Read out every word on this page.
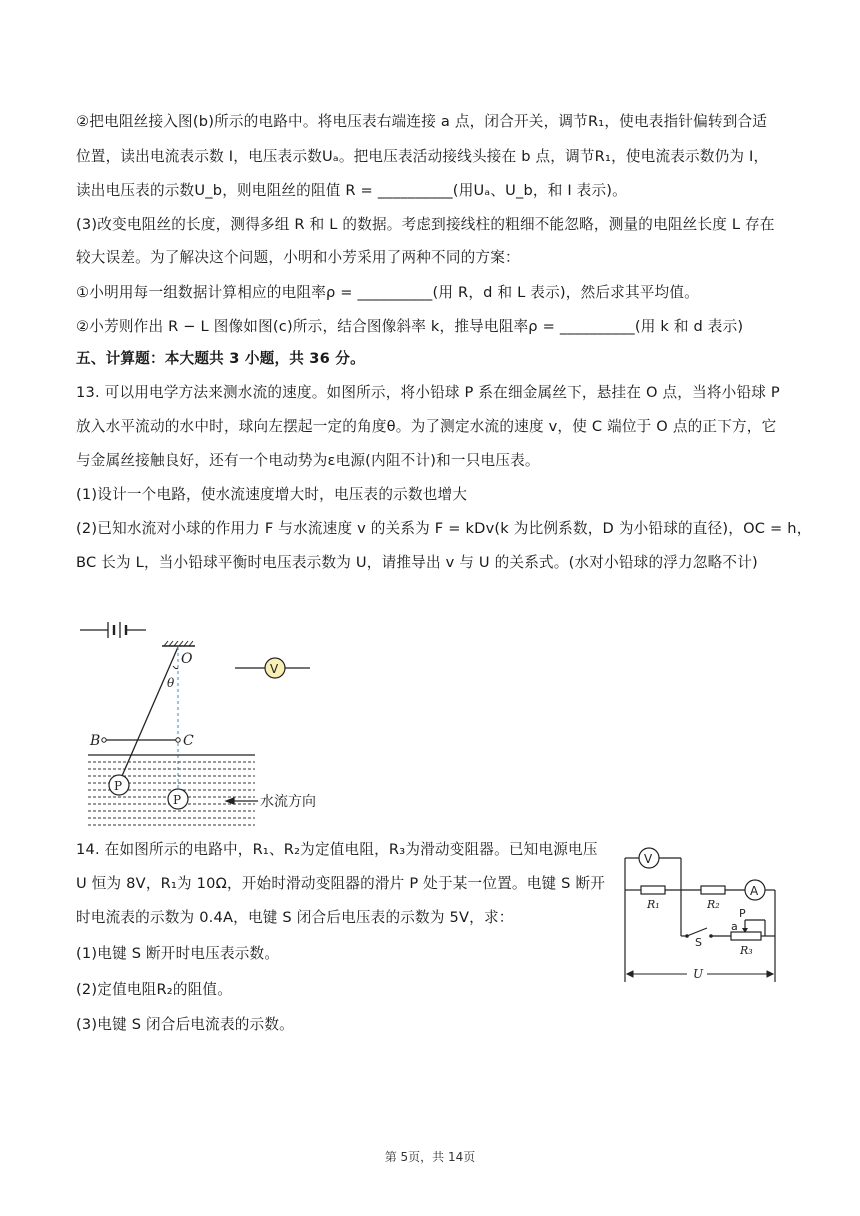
②把电阻丝接入图(b)所示的电路中。将电压表右端连接 a 点，闭合开关，调节R₁，使电表指针偏转到合适
位置，读出电流表示数 I，电压表示数Uₐ。把电压表活动接线头接在 b 点，调节R₁，使电流表示数仍为 I，
读出电压表的示数U_b，则电阻丝的阻值 R = __________(用Uₐ、U_b，和 I 表示)。
(3)改变电阻丝的长度，测得多组 R 和 L 的数据。考虑到接线柱的粗细不能忽略，测量的电阻丝长度 L 存在
较大误差。为了解决这个问题，小明和小芳采用了两种不同的方案：
①小明用每一组数据计算相应的电阻率ρ = __________(用 R，d 和 L 表示)，然后求其平均值。
②小芳则作出 R − L 图像如图(c)所示，结合图像斜率 k，推导电阻率ρ = __________(用 k 和 d 表示)
五、计算题：本大题共 3 小题，共 36 分。
13. 可以用电学方法来测水流的速度。如图所示，将小铅球 P 系在细金属丝下，悬挂在 O 点，当将小铅球 P
放入水平流动的水中时，球向左摆起一定的角度θ。为了测定水流的速度 v，使 C 端位于 O 点的正下方，它
与金属丝接触良好，还有一个电动势为ε电源(内阻不计)和一只电压表。
(1)设计一个电路，使水流速度增大时，电压表的示数也增大
(2)已知水流对小球的作用力 F 与水流速度 v 的关系为 F = kDv(k 为比例系数，D 为小铅球的直径)，OC = h，
BC 长为 L，当小铅球平衡时电压表示数为 U，请推导出 v 与 U 的关系式。(水对小铅球的浮力忽略不计)
14. 在如图所示的电路中，R₁、R₂为定值电阻，R₃为滑动变阻器。已知电源电压
U 恒为 8V，R₁为 10Ω，开始时滑动变阻器的滑片 P 处于某一位置。电键 S 断开
时电流表的示数为 0.4A，电键 S 闭合后电压表的示数为 5V，求：
(1)电键 S 断开时电压表示数。
(2)定值电阻R₂的阻值。
(3)电键 S 闭合后电流表的示数。
O
θ
B	C
P
P	水流方向
V
V
A
R₁	R₂
R₃
P
a
S
U
第 5页，共 14页
